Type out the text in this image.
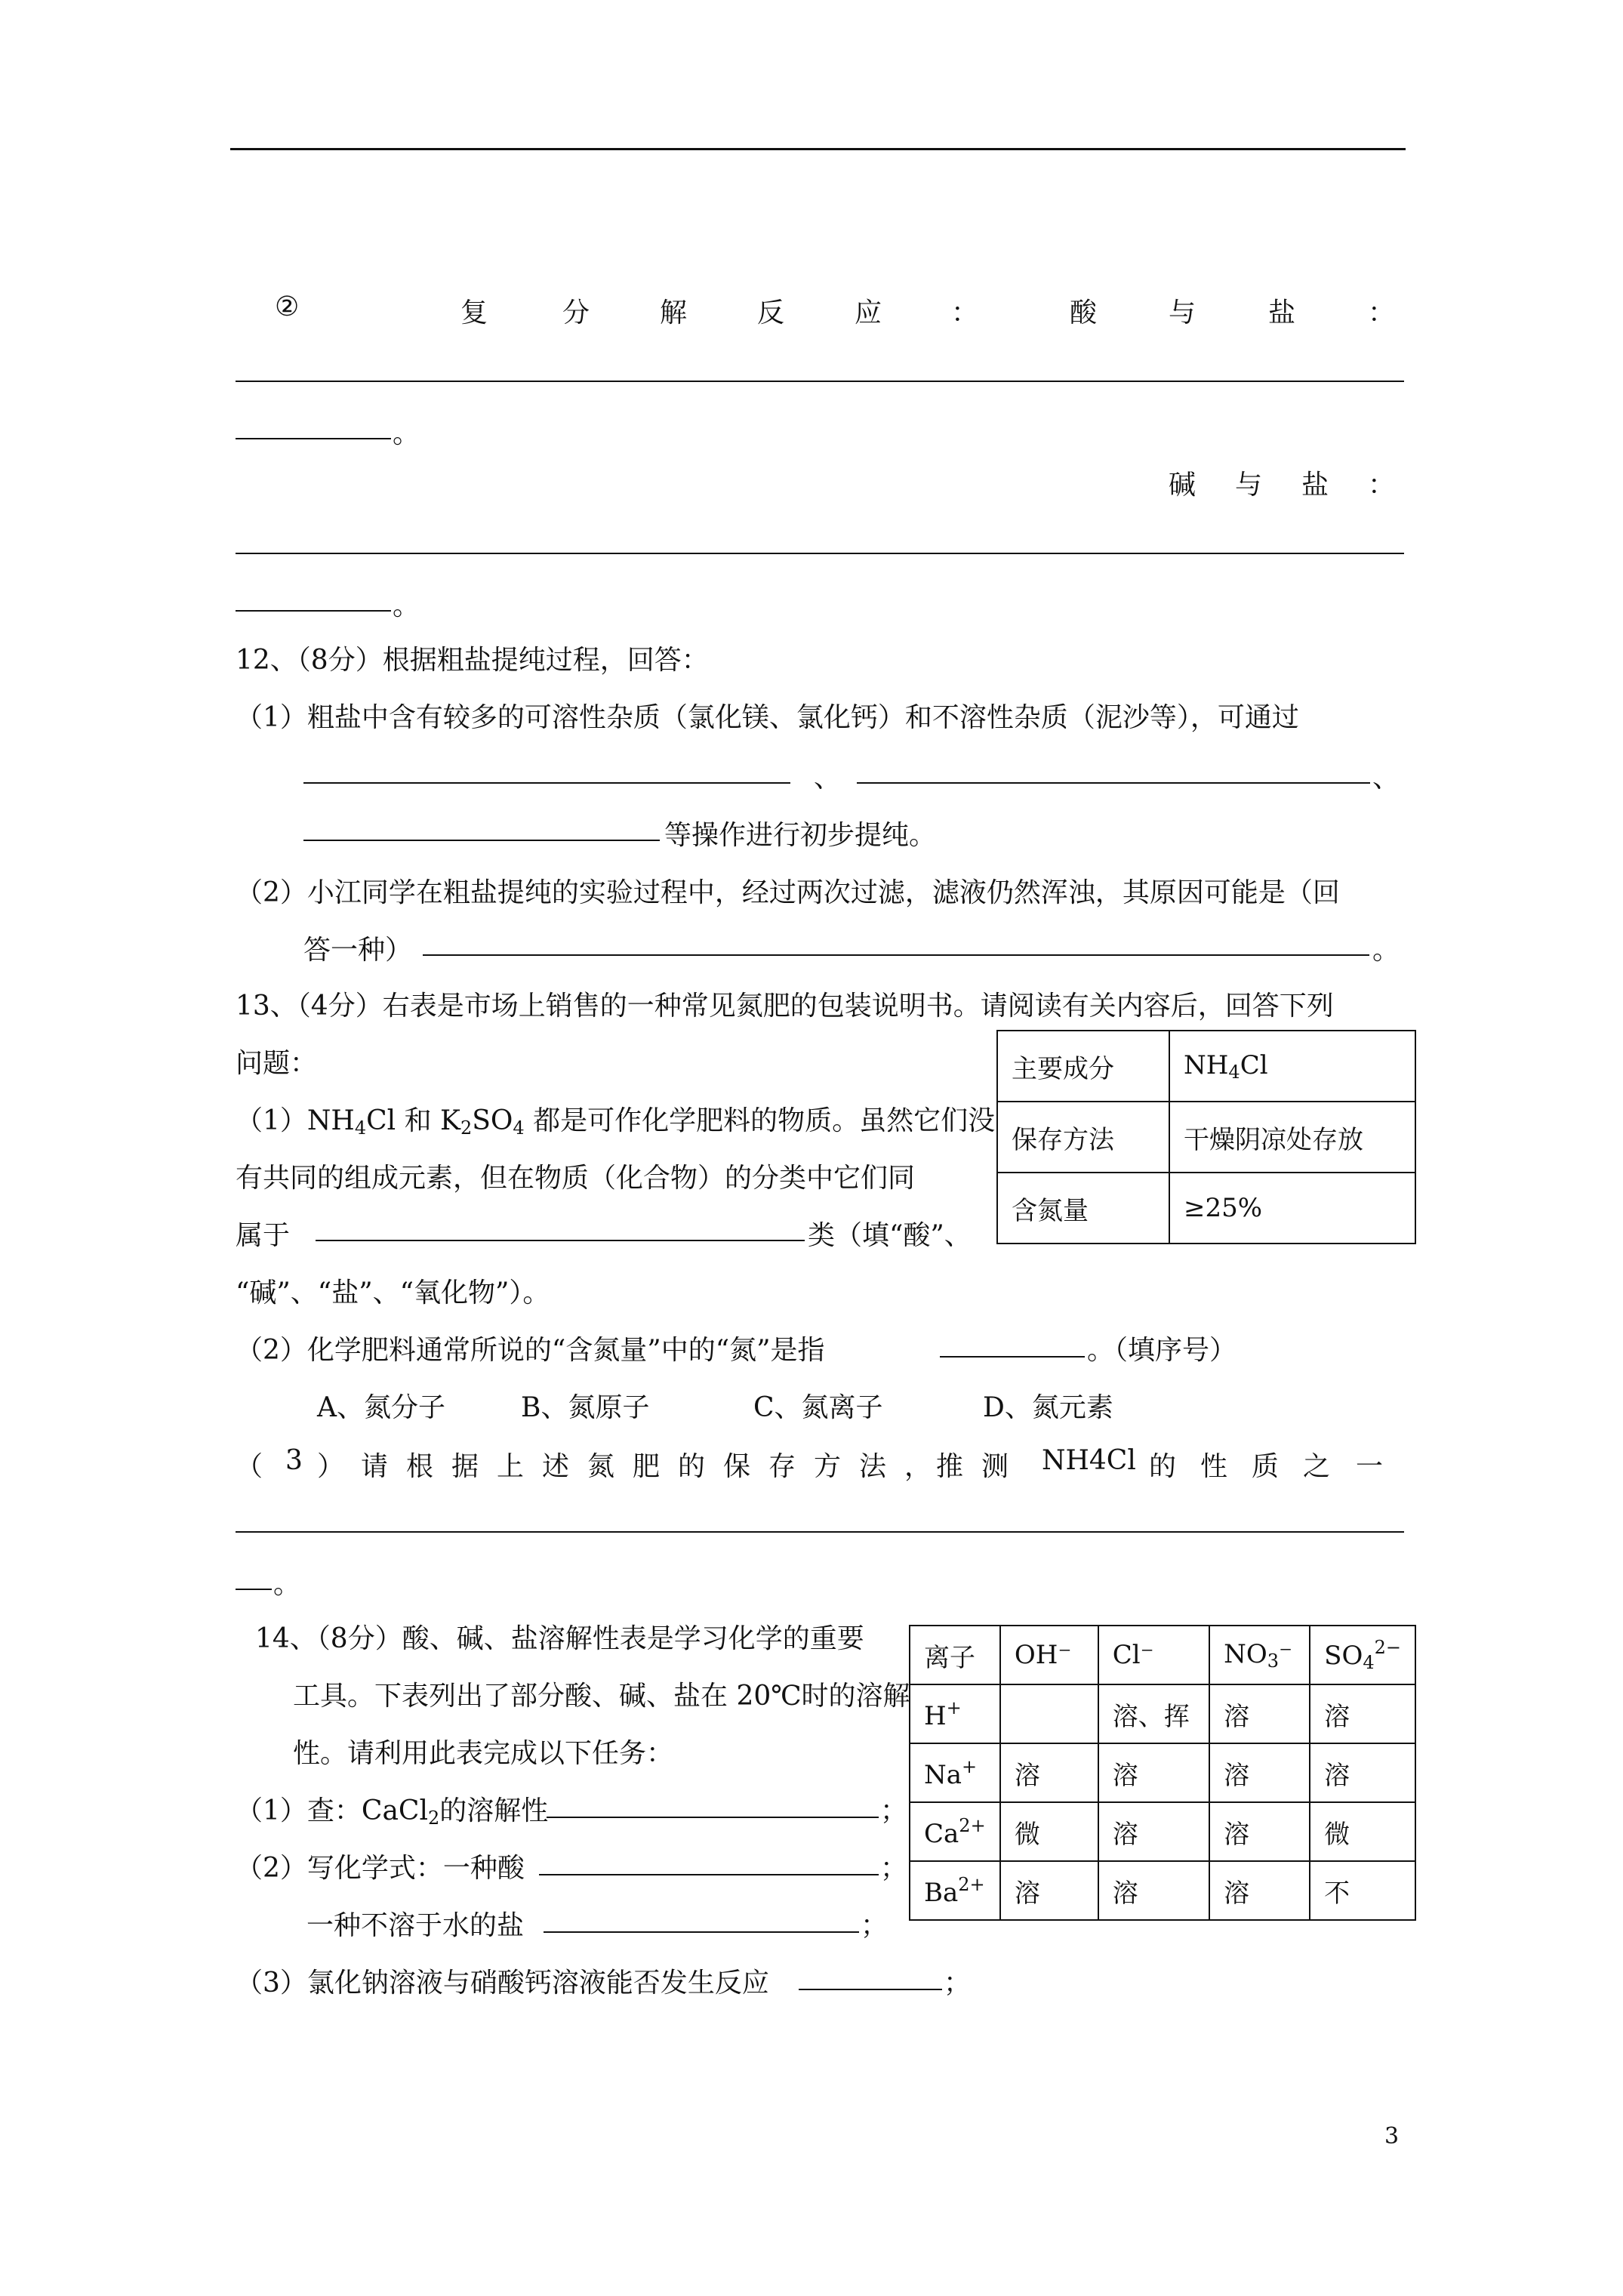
②	复	分	解	反	应	：	酸	与	盐	：
。
碱 与 盐 ：
。
12、（8分）根据粗盐提纯过程，回答：
（1）粗盐中含有较多的可溶性杂质（氯化镁、氯化钙）和不溶性杂质（泥沙等），可通过
、	、
等操作进行初步提纯。
（2）小江同学在粗盐提纯的实验过程中，经过两次过滤，滤液仍然浑浊，其原因可能是（回
答一种）	。
13、（4分）右表是市场上销售的一种常见氮肥的包装说明书。请阅读有关内容后，回答下列
问题：
$(1)NH_4Cl$ 和 $K_2SO_4$ 都是可作化学肥料的物质。虽然它们没
有共同的组成元素，但在物质（化合物）的分类中它们同
属于	类（填“酸”、
“碱”、“盐”、“氧化物”）。
主要成分	$NH_4Cl$
保存方法	干燥阴凉处存放
含氮量	≥25%
（2）化学肥料通常所说的“含氮量”中的“氮”是指	。（填序号）
A、氮分子	B、氮原子	C、氮离子	D、氮元素
（ 3 ） 请 根 据 上 述 氮 肥 的 保 存 方 法 ， 推 测 NH4Cl 的 性 质 之 一
。
14、（8分）酸、碱、盐溶解性表是学习化学的重要
工具。下表列出了部分酸、碱、盐在 20℃时的溶解
性。请利用此表完成以下任务：
（1）查：CaCl$_2$的溶解性	；
（2）写化学式：一种酸	；
一种不溶于水的盐	；
（3）氯化钠溶液与硝酸钙溶液能否发生反应	；
离子	OH⁻	Cl⁻	$NO_3^-$	$SO_4^{2-}$
H+		溶、挥	溶	溶
Na+	溶	溶	溶	溶
$Ca^{2+}$	微	溶	溶	微
$Ba^{2+}$	溶	溶	溶	不
3
